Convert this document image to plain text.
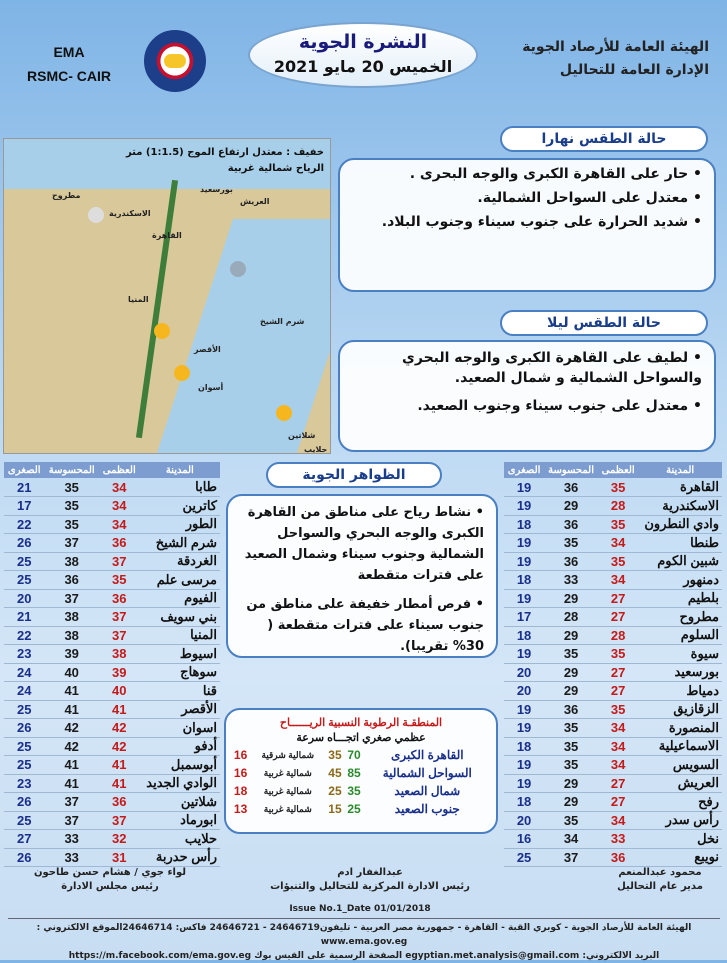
EMA
RSMC- CAIR
النشرة الجوية
الخميس 20 مايو 2021
الهيئة العامة للأرصاد الجوية
الإدارة العامة للتحاليل
خفيف : معتدل ارتفاع الموج (1:1.5) متر
الرياح شمالية غربية
مطروح
الاسكندرية
العريش
بورسعيد
القاهرة
المنيا
شرم الشيخ
الأقصر
أسوان
شلاتين
حلايب
حالة الطقس نهارا

• حار على القاهرة الكبرى والوجه البحرى .

• معتدل على السواحل الشمالية.

• شديد الحرارة على جنوب سيناء وجنوب البلاد.

حالة الطقس ليلا

• لطيف على القاهرة الكبرى والوجه البحري والسواحل الشمالية و شمال الصعيد.

• معتدل على جنوب سيناء وجنوب الصعيد.

الظواهر الجوية

• نشاط رياح على مناطق من القاهرة الكبرى والوجه البحري والسواحل الشمالية وجنوب سيناء وشمال الصعيد على فترات متقطعة

• فرص أمطار خفيفة على مناطق من جنوب سيناء على فترات متقطعة ( 30% تقريبا).

المدينة	العظمى	المحسوسة	الصغرى
طابا	34	35	21
كاترين	34	35	17
الطور	34	35	22
شرم الشيخ	36	37	26
الغردقة	37	38	25
مرسى علم	35	36	25
الفيوم	36	37	20
بني سويف	37	38	21
المنيا	37	38	22
اسيوط	38	39	23
سوهاج	39	40	24
قنا	40	41	24
الأقصر	41	41	25
اسوان	42	42	26
أدفو	42	42	25
أبوسمبل	41	41	25
الوادي الجديد	41	41	23
شلاتين	36	37	26
ابورماد	37	37	25
حلايب	32	33	27
رأس حدربة	31	33	26
المدينة	العظمى	المحسوسة	الصغرى
القاهرة	35	36	19
الاسكندرية	28	29	19
وادي النطرون	35	36	18
طنطا	34	35	19
شبين الكوم	35	36	19
دمنهور	34	33	18
بلطيم	27	29	19
مطروح	27	28	17
السلوم	28	29	18
سيوة	35	35	19
بورسعيد	27	29	20
دمياط	27	29	20
الزقازيق	35	36	19
المنصورة	34	35	19
الاسماعيلية	34	35	18
السويس	34	35	19
العريش	27	29	19
رفح	27	29	18
رأس سدر	34	35	20
نخل	33	34	16
نويبع	36	37	25
المنطقـة الرطوبة النسبية الريــــــاح
عظمي صغري اتجـــاه سرعة
القاهرة الكبرى	70	35	شمالية شرقية	16
السواحل الشمالية	85	45	شمالية غربية	16
شمال الصعيد	35	25	شمالية غربية	18
جنوب الصعيد	25	15	شمالية غربية	13
محمود عبدالمنعم
مدير عام التحاليل
عبدالغفار ادم
رئيس الادارة المركزية للتحاليل والتنبؤات
لواء جوي / هشام حسن طاحون
رئيس مجلس الادارة
Issue No.1_Date 01/01/2018
الهيئة العامة للأرصاد الجوية - كوبري القبة - القاهرة - جمهورية مصر العربية - تليفون24646719 - 24646721 فاكس: 24646714الموقع الالكتروني : www.ema.gov.eg
البريد الالكتروني: egyptian.met.analysis@gmail.com الصفحة الرسمية على الفيس بوك https://m.facebook.com/ema.gov.eg
